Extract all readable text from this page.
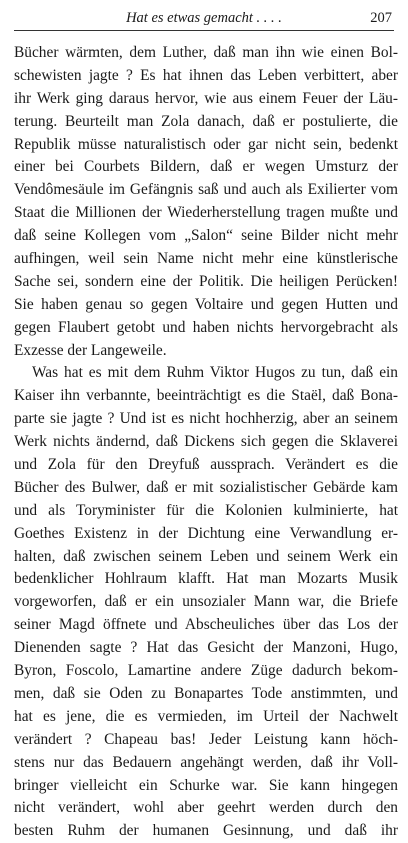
Hat es etwas gemacht . . . .	207
Bücher wärmten, dem Luther, daß man ihn wie einen Bol-
schewisten jagte ? Es hat ihnen das Leben verbittert, aber
ihr Werk ging daraus hervor, wie aus einem Feuer der Läu-
terung. Beurteilt man Zola danach, daß er postulierte, die
Republik müsse naturalistisch oder gar nicht sein, bedenkt
einer bei Courbets Bildern, daß er wegen Umsturz der
Vendômesäule im Gefängnis saß und auch als Exilierter vom
Staat die Millionen der Wiederherstellung tragen mußte und
daß seine Kollegen vom „Salon“ seine Bilder nicht mehr
aufhingen, weil sein Name nicht mehr eine künstlerische
Sache sei, sondern eine der Politik. Die heiligen Perücken!
Sie haben genau so gegen Voltaire und gegen Hutten und
gegen Flaubert getobt und haben nichts hervorgebracht als
Exzesse der Langeweile.
Was hat es mit dem Ruhm Viktor Hugos zu tun, daß ein
Kaiser ihn verbannte, beeinträchtigt es die Staël, daß Bona-
parte sie jagte ? Und ist es nicht hochherzig, aber an seinem
Werk nichts ändernd, daß Dickens sich gegen die Sklaverei
und Zola für den Dreyfuß aussprach. Verändert es die
Bücher des Bulwer, daß er mit sozialistischer Gebärde kam
und als Toryminister für die Kolonien kulminierte, hat
Goethes Existenz in der Dichtung eine Verwandlung er-
halten, daß zwischen seinem Leben und seinem Werk ein
bedenklicher Hohlraum klafft. Hat man Mozarts Musik
vorgeworfen, daß er ein unsozialer Mann war, die Briefe
seiner Magd öffnete und Abscheuliches über das Los der
Dienenden sagte ? Hat das Gesicht der Manzoni, Hugo,
Byron, Foscolo, Lamartine andere Züge dadurch bekom-
men, daß sie Oden zu Bonapartes Tode anstimmten, und
hat es jene, die es vermieden, im Urteil der Nachwelt
verändert ? Chapeau bas! Jeder Leistung kann höch-
stens nur das Bedauern angehängt werden, daß ihr Voll-
bringer vielleicht ein Schurke war. Sie kann hingegen
nicht verändert, wohl aber geehrt werden durch den
besten Ruhm der humanen Gesinnung, und daß ihr
